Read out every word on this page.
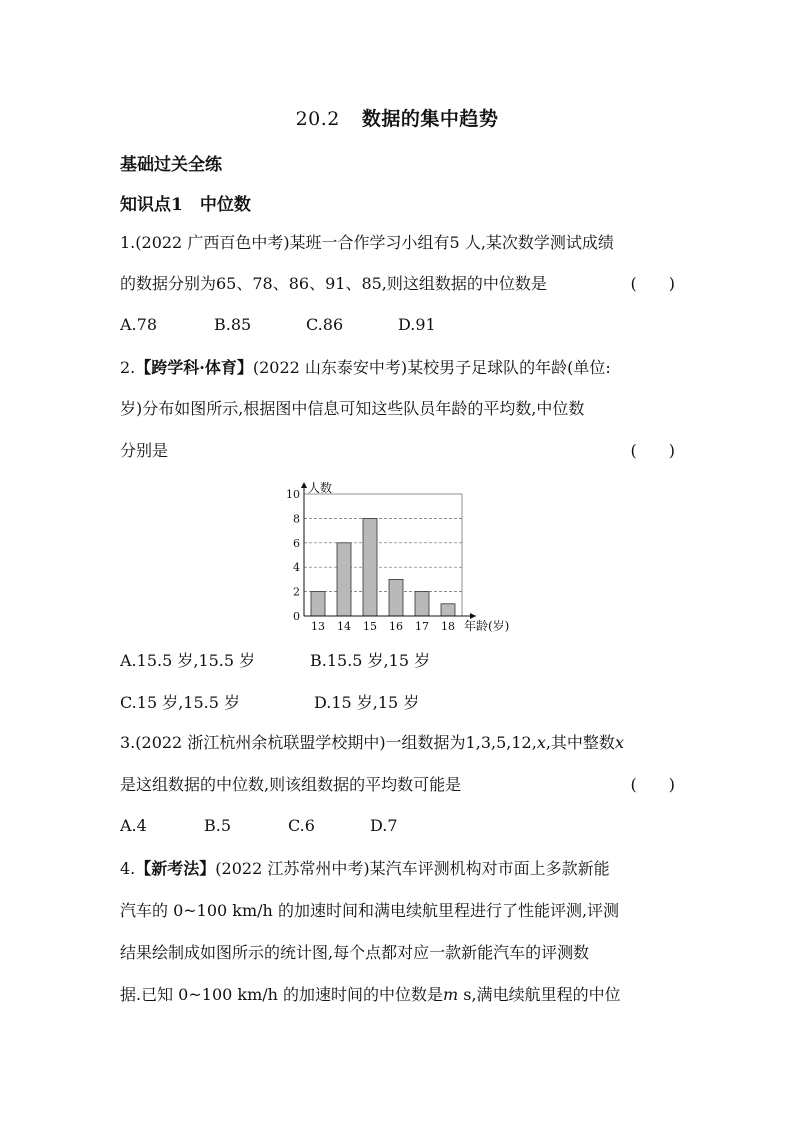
20.2 数据的集中趋势
基础过关全练
知识点1　中位数
1.(2022 广西百色中考)某班一合作学习小组有5 人,某次数学测试成绩
的数据分别为65、78、86、91、85,则这组数据的中位数是	(　　)
A.78	B.85	C.86	D.91
2.【跨学科·体育】(2022 山东泰安中考)某校男子足球队的年龄(单位:
岁)分布如图所示,根据图中信息可知这些队员年龄的平均数,中位数
分别是	(　　)
0
2
4
6
8
10
13 14 15 16 17 18
人数
年龄(岁)
A.15.5 岁,15.5 岁	B.15.5 岁,15 岁
C.15 岁,15.5 岁	D.15 岁,15 岁
3.(2022 浙江杭州余杭联盟学校期中)一组数据为1,3,5,12,x,其中整数x
是这组数据的中位数,则该组数据的平均数可能是	(　　)
A.4	B.5	C.6	D.7
4.【新考法】(2022 江苏常州中考)某汽车评测机构对市面上多款新能
汽车的 0~100 km/h 的加速时间和满电续航里程进行了性能评测,评测
结果绘制成如图所示的统计图,每个点都对应一款新能汽车的评测数
据.已知 0~100 km/h 的加速时间的中位数是m s,满电续航里程的中位
